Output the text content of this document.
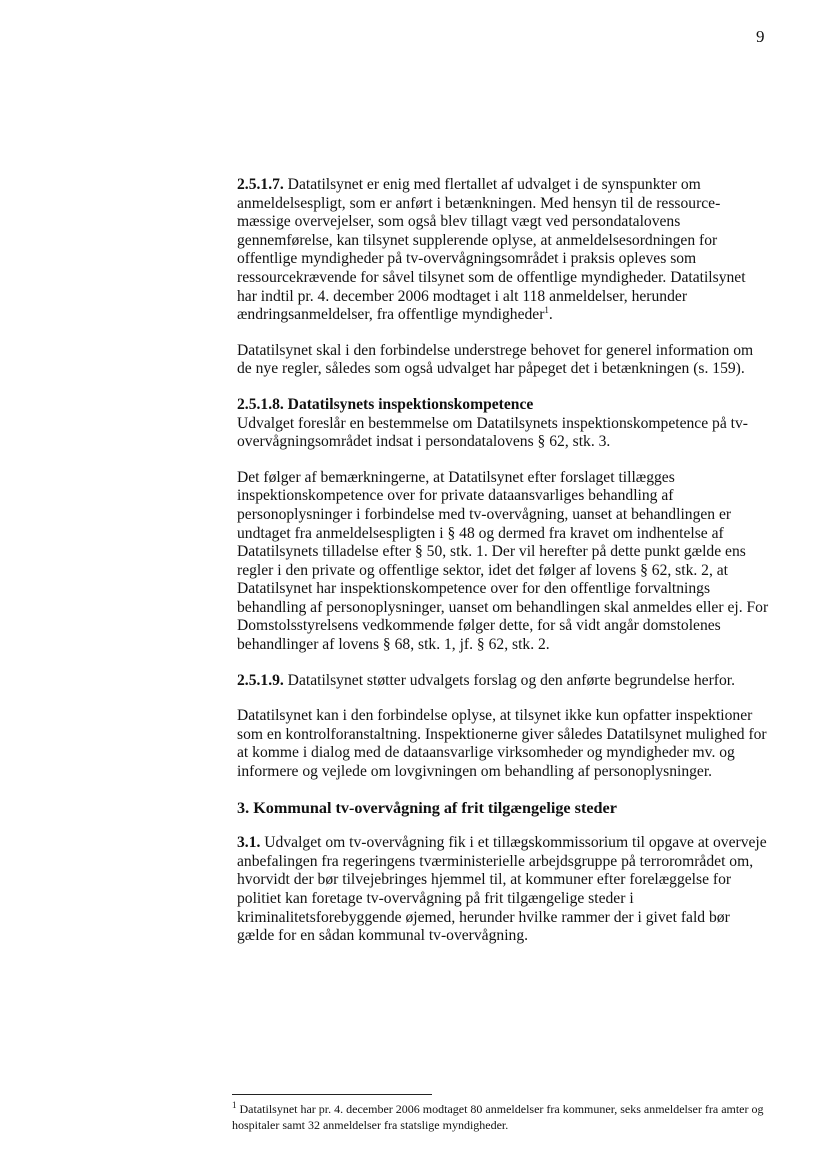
9

2.5.1.7. Datatilsynet er enig med flertallet af udvalget i de synspunkter om anmeldelsespligt, som er anført i betænkningen. Med hensyn til de ressource-mæssige overvejelser, som også blev tillagt vægt ved persondatalovens gennemførelse, kan tilsynet supplerende oplyse, at anmeldelsesordningen for offentlige myndigheder på tv-overvågningsområdet i praksis opleves som ressourcekrævende for såvel tilsynet som de offentlige myndigheder. Datatilsynet har indtil pr. 4. december 2006 modtaget i alt 118 anmeldelser, herunder ændringsanmeldelser, fra offentlige myndigheder$^1$.

Datatilsynet skal i den forbindelse understrege behovet for generel information om de nye regler, således som også udvalget har påpeget det i betænkningen (s. 159).

2.5.1.8. Datatilsynets inspektionskompetence
Udvalget foreslår en bestemmelse om Datatilsynets inspektionskompetence på tv-overvågningsområdet indsat i persondatalovens § 62, stk. 3.

Det følger af bemærkningerne, at Datatilsynet efter forslaget tillægges inspektionskompetence over for private dataansvarliges behandling af personoplysninger i forbindelse med tv-overvågning, uanset at behandlingen er undtaget fra anmeldelsespligten i § 48 og dermed fra kravet om indhentelse af Datatilsynets tilladelse efter § 50, stk. 1. Der vil herefter på dette punkt gælde ens regler i den private og offentlige sektor, idet det følger af lovens § 62, stk. 2, at Datatilsynet har inspektionskompetence over for den offentlige forvaltnings behandling af personoplysninger, uanset om behandlingen skal anmeldes eller ej. For Domstolsstyrelsens vedkommende følger dette, for så vidt angår domstolenes behandlinger af lovens § 68, stk. 1, jf. § 62, stk. 2.

2.5.1.9. Datatilsynet støtter udvalgets forslag og den anførte begrundelse herfor.

Datatilsynet kan i den forbindelse oplyse, at tilsynet ikke kun opfatter inspektioner som en kontrolforanstaltning. Inspektionerne giver således Datatilsynet mulighed for at komme i dialog med de dataansvarlige virksomheder og myndigheder mv. og informere og vejlede om lovgivningen om behandling af personoplysninger.

3. Kommunal tv-overvågning af frit tilgængelige steder

3.1. Udvalget om tv-overvågning fik i et tillægskommissorium til opgave at overveje anbefalingen fra regeringens tværministerielle arbejdsgruppe på terrorområdet om, hvorvidt der bør tilvejebringes hjemmel til, at kommuner efter forelæggelse for politiet kan foretage tv-overvågning på frit tilgængelige steder i kriminalitetsforebyggende øjemed, herunder hvilke rammer der i givet fald bør gælde for en sådan kommunal tv-overvågning.

$^1$ Datatilsynet har pr. 4. december 2006 modtaget 80 anmeldelser fra kommuner, seks anmeldelser fra amter og hospitaler samt 32 anmeldelser fra statslige myndigheder.
